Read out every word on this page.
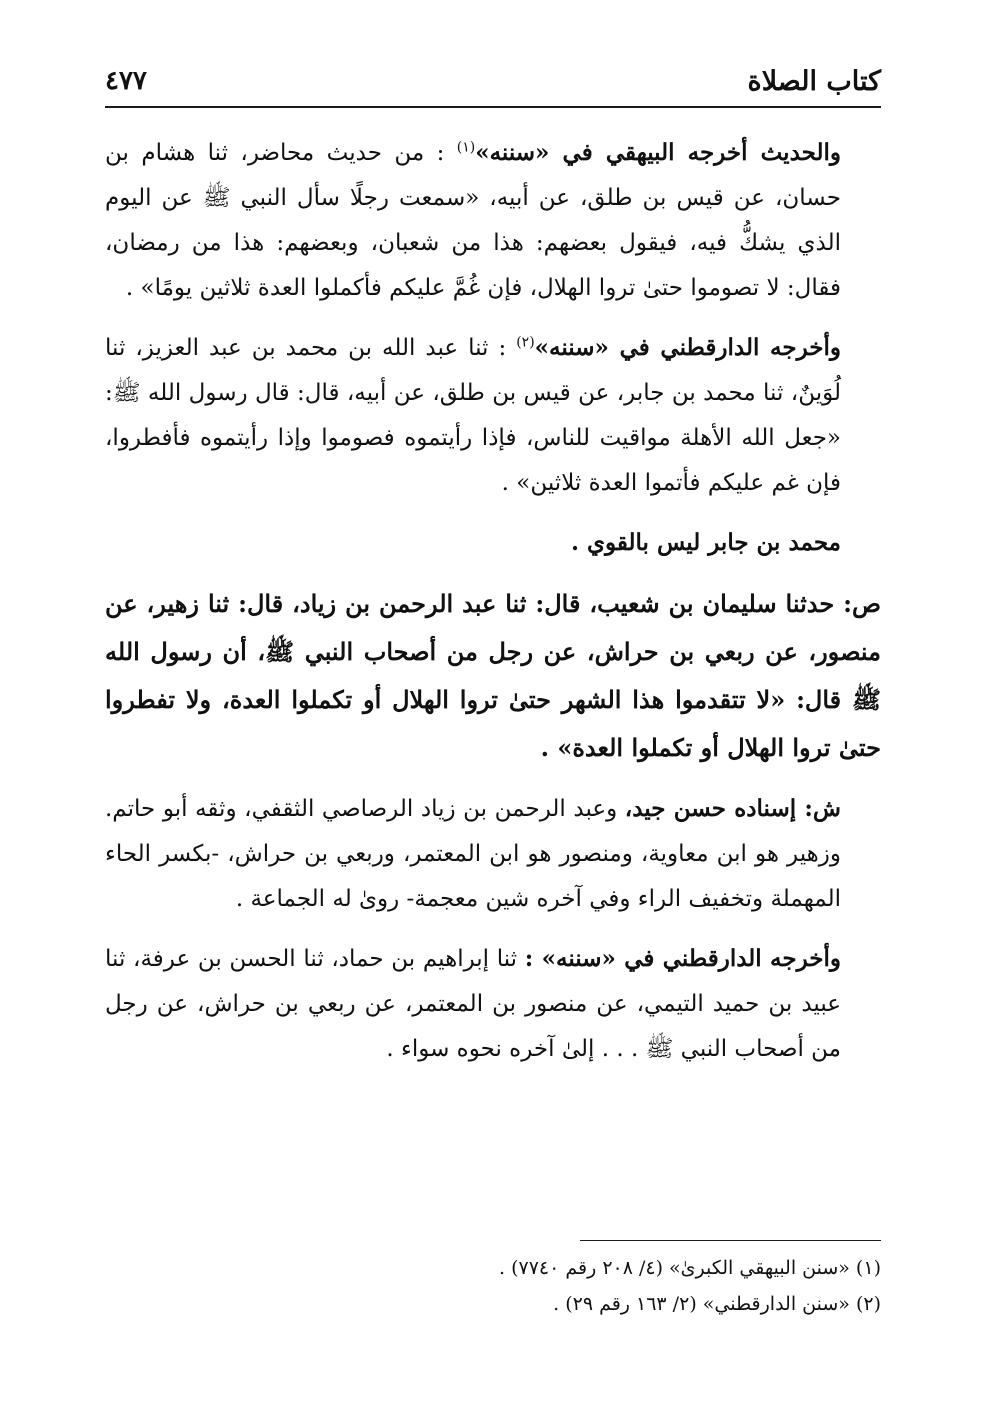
كتاب الصلاة
٤٧٧

والحديث أخرجه البيهقي في «سننه»$^{(١)}$ : من حديث محاضر، ثنا هشام بن حسان، عن قيس بن طلق، عن أبيه، «سمعت رجلًا سأل النبي ﷺ عن اليوم الذي يشكُّ فيه، فيقول بعضهم: هذا من شعبان، وبعضهم: هذا من رمضان، فقال: لا تصوموا حتىٰ تروا الهلال، فإن غُمَّ عليكم فأكملوا العدة ثلاثين يومًا» .

وأخرجه الدارقطني في «سننه»$^{(٢)}$ : ثنا عبد الله بن محمد بن عبد العزيز، ثنا لُوَينٌ، ثنا محمد بن جابر، عن قيس بن طلق، عن أبيه، قال: قال رسول الله ﷺ: «جعل الله الأهلة مواقيت للناس، فإذا رأيتموه فصوموا وإذا رأيتموه فأفطروا، فإن غم عليكم فأتموا العدة ثلاثين» .

محمد بن جابر ليس بالقوي .

ص: حدثنا سليمان بن شعيب، قال: ثنا عبد الرحمن بن زياد، قال: ثنا زهير، عن منصور، عن ربعي بن حراش، عن رجل من أصحاب النبي ﷺ، أن رسول الله ﷺ قال: «لا تتقدموا هذا الشهر حتىٰ تروا الهلال أو تكملوا العدة، ولا تفطروا حتىٰ تروا الهلال أو تكملوا العدة» .

ش: إسناده حسن جيد، وعبد الرحمن بن زياد الرصاصي الثقفي، وثقه أبو حاتم. وزهير هو ابن معاوية، ومنصور هو ابن المعتمر، وربعي بن حراش، -بكسر الحاء المهملة وتخفيف الراء وفي آخره شين معجمة- روىٰ له الجماعة .

وأخرجه الدارقطني في «سننه» : ثنا إبراهيم بن حماد، ثنا الحسن بن عرفة، ثنا عبيد بن حميد التيمي، عن منصور بن المعتمر، عن ربعي بن حراش، عن رجل من أصحاب النبي ﷺ . . . إلىٰ آخره نحوه سواء .

(١) «سنن البيهقي الكبرىٰ» (٤/ ٢٠٨ رقم ٧٧٤٠) .
(٢) «سنن الدارقطني» (٢/ ١٦٣ رقم ٢٩) .
